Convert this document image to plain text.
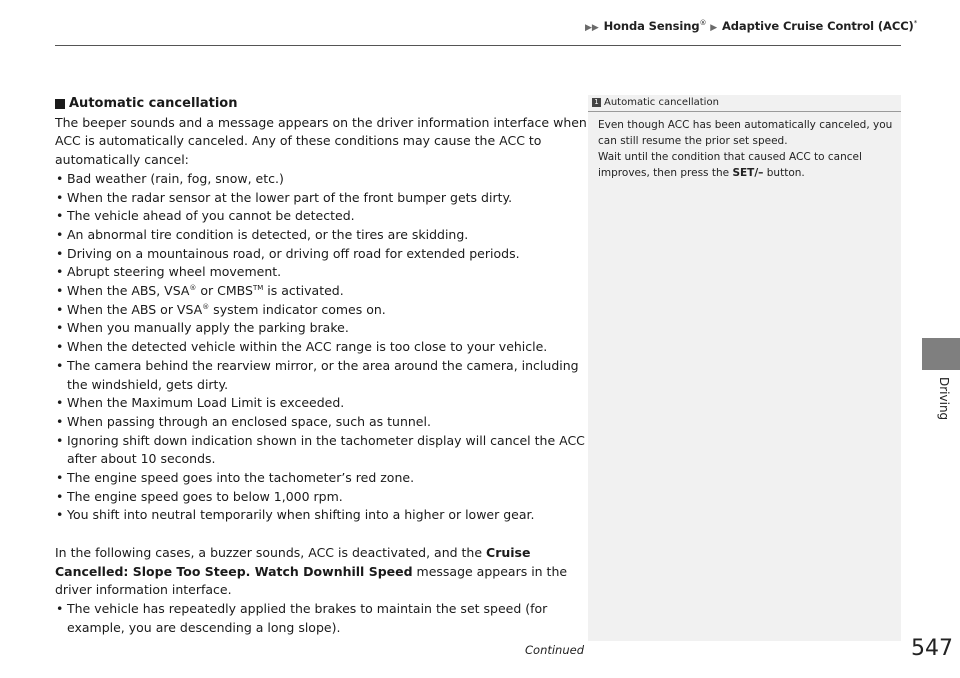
▶▶ Honda Sensing® ▶ Adaptive Cruise Control (ACC)*
Automatic cancellation

The beeper sounds and a message appears on the driver information interface when ACC is automatically canceled. Any of these conditions may cause the ACC to automatically cancel:

• Bad weather (rain, fog, snow, etc.)
• When the radar sensor at the lower part of the front bumper gets dirty.
• The vehicle ahead of you cannot be detected.
• An abnormal tire condition is detected, or the tires are skidding.
• Driving on a mountainous road, or driving off road for extended periods.
• Abrupt steering wheel movement.
• When the ABS, VSA® or CMBS™ is activated.
• When the ABS or VSA® system indicator comes on.
• When you manually apply the parking brake.
• When the detected vehicle within the ACC range is too close to your vehicle.
• The camera behind the rearview mirror, or the area around the camera, including the windshield, gets dirty.
• When the Maximum Load Limit is exceeded.
• When passing through an enclosed space, such as tunnel.
• Ignoring shift down indication shown in the tachometer display will cancel the ACC after about 10 seconds.
• The engine speed goes into the tachometer’s red zone.
• The engine speed goes to below 1,000 rpm.
• You shift into neutral temporarily when shifting into a higher or lower gear.

In the following cases, a buzzer sounds, ACC is deactivated, and the Cruise Cancelled: Slope Too Steep. Watch Downhill Speed message appears in the driver information interface.

• The vehicle has repeatedly applied the brakes to maintain the set speed (for example, you are descending a long slope).
1 Automatic cancellation

Even though ACC has been automatically canceled, you can still resume the prior set speed.

Wait until the condition that caused ACC to cancel improves, then press the SET/– button.

Driving
Continued	547
